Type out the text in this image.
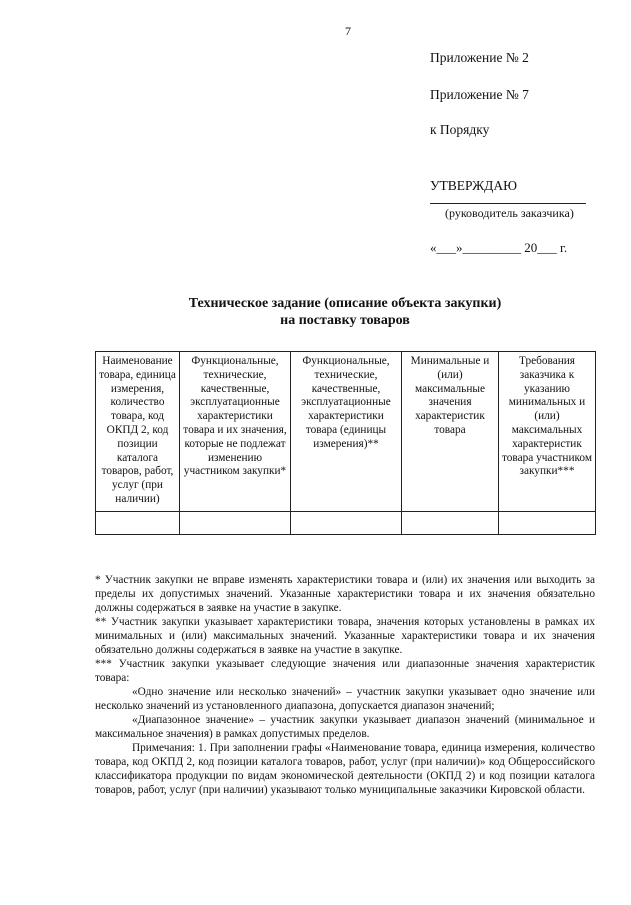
7
Приложение № 2
Приложение № 7
к Порядку
УТВЕРЖДАЮ
(руководитель заказчика)
«___»_________ 20___ г.
Техническое задание (описание объекта закупки)
на поставку товаров
Наименование товара, единица измерения, количество товара, код ОКПД 2, код позиции каталога товаров, работ, услуг (при наличии)	Функциональные, технические, качественные, эксплуатационные характеристики товара и их значения, которые не подлежат изменению участником закупки*	Функциональные, технические, качественные, эксплуатационные характеристики товара (единицы измерения)**	Минимальные и (или) максимальные значения характеристик товара	Требования заказчика к указанию минимальных и (или) максимальных характеристик товара участником закупки***

* Участник закупки не вправе изменять характеристики товара и (или) их значения или выходить за пределы их допустимых значений. Указанные характеристики товара и их значения обязательно должны содержаться в заявке на участие в закупке.

** Участник закупки указывает характеристики товара, значения которых установлены в рамках их минимальных и (или) максимальных значений. Указанные характеристики товара и их значения обязательно должны содержаться в заявке на участие в закупке.

*** Участник закупки указывает следующие значения или диапазонные значения характеристик товара:

«Одно значение или несколько значений» – участник закупки указывает одно значение или несколько значений из установленного диапазона, допускается диапазон значений;

«Диапазонное значение» – участник закупки указывает диапазон значений (минимальное и максимальное значения) в рамках допустимых пределов.

Примечания: 1. При заполнении графы «Наименование товара, единица измерения, количество товара, код ОКПД 2, код позиции каталога товаров, работ, услуг (при наличии)» код Общероссийского классификатора продукции по видам экономической деятельности (ОКПД 2) и код позиции каталога товаров, работ, услуг (при наличии) указывают только муниципальные заказчики Кировской области.
